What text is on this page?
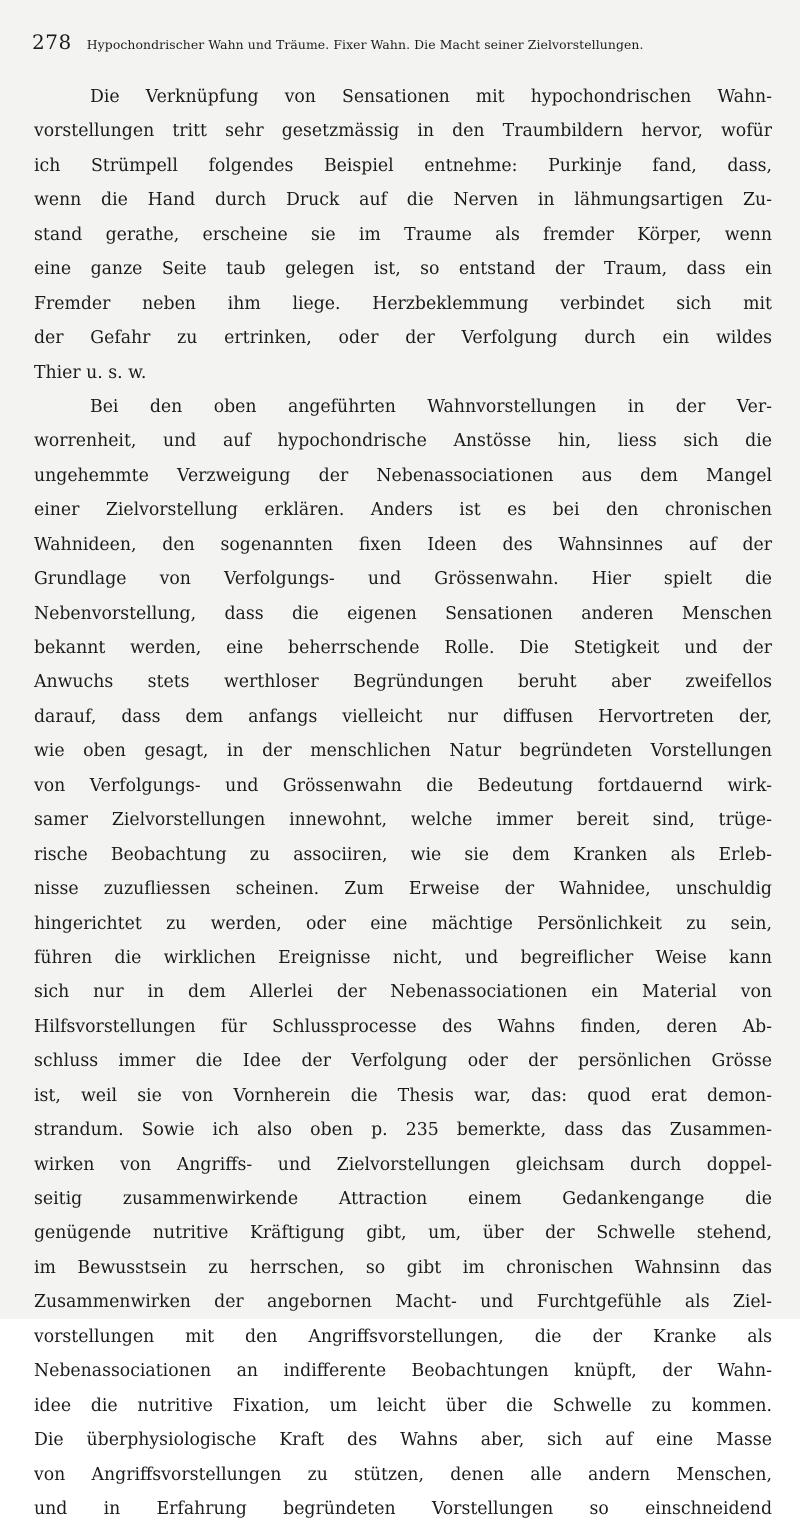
278 Hypochondrischer Wahn und Träume. Fixer Wahn. Die Macht seiner Zielvorstellungen.
Die Verknüpfung von Sensationen mit hypochondrischen Wahn-
vorstellungen tritt sehr gesetzmässig in den Traumbildern hervor, wofür
ich Strümpell folgendes Beispiel entnehme: Purkinje fand, dass,
wenn die Hand durch Druck auf die Nerven in lähmungsartigen Zu-
stand gerathe, erscheine sie im Traume als fremder Körper, wenn
eine ganze Seite taub gelegen ist, so entstand der Traum, dass ein
Fremder neben ihm liege. Herzbeklemmung verbindet sich mit
der Gefahr zu ertrinken, oder der Verfolgung durch ein wildes
Thier u. s. w.
Bei den oben angeführten Wahnvorstellungen in der Ver-
worrenheit, und auf hypochondrische Anstösse hin, liess sich die
ungehemmte Verzweigung der Nebenassociationen aus dem Mangel
einer Zielvorstellung erklären. Anders ist es bei den chronischen
Wahnideen, den sogenannten fixen Ideen des Wahnsinnes auf der
Grundlage von Verfolgungs- und Grössenwahn. Hier spielt die
Nebenvorstellung, dass die eigenen Sensationen anderen Menschen
bekannt werden, eine beherrschende Rolle. Die Stetigkeit und der
Anwuchs stets werthloser Begründungen beruht aber zweifellos
darauf, dass dem anfangs vielleicht nur diffusen Hervortreten der,
wie oben gesagt, in der menschlichen Natur begründeten Vorstellungen
von Verfolgungs- und Grössenwahn die Bedeutung fortdauernd wirk-
samer Zielvorstellungen innewohnt, welche immer bereit sind, trüge-
rische Beobachtung zu associiren, wie sie dem Kranken als Erleb-
nisse zuzufliessen scheinen. Zum Erweise der Wahnidee, unschuldig
hingerichtet zu werden, oder eine mächtige Persönlichkeit zu sein,
führen die wirklichen Ereignisse nicht, und begreiflicher Weise kann
sich nur in dem Allerlei der Nebenassociationen ein Material von
Hilfsvorstellungen für Schlussprocesse des Wahns finden, deren Ab-
schluss immer die Idee der Verfolgung oder der persönlichen Grösse
ist, weil sie von Vornherein die Thesis war, das: quod erat demon-
strandum. Sowie ich also oben p. 235 bemerkte, dass das Zusammen-
wirken von Angriffs- und Zielvorstellungen gleichsam durch doppel-
seitig zusammenwirkende Attraction einem Gedankengange die
genügende nutritive Kräftigung gibt, um, über der Schwelle stehend,
im Bewusstsein zu herrschen, so gibt im chronischen Wahnsinn das
Zusammenwirken der angebornen Macht- und Furchtgefühle als Ziel-
vorstellungen mit den Angriffsvorstellungen, die der Kranke als
Nebenassociationen an indifferente Beobachtungen knüpft, der Wahn-
idee die nutritive Fixation, um leicht über die Schwelle zu kommen.
Die überphysiologische Kraft des Wahns aber, sich auf eine Masse
von Angriffsvorstellungen zu stützen, denen alle andern Menschen,
und in Erfahrung begründeten Vorstellungen so einschneidend
